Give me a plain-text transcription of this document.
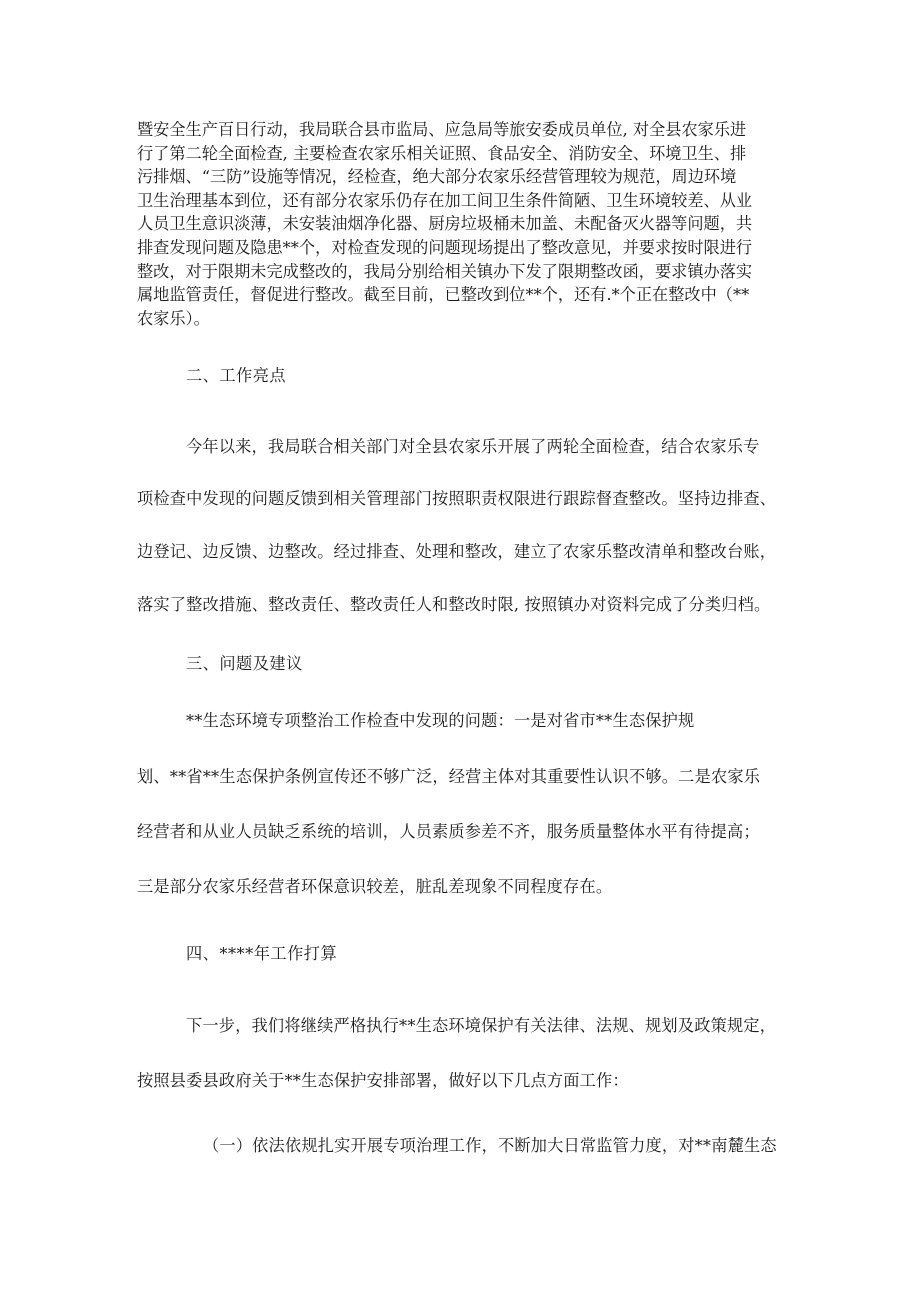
暨安全生产百日行动，我局联合县市监局、应急局等旅安委成员单位, 对全县农家乐进
行了第二轮全面检查, 主要检查农家乐相关证照、食品安全、消防安全、环境卫生、排
污排烟、“三防”设施等情况，经检查，绝大部分农家乐经营管理较为规范，周边环境
卫生治理基本到位，还有部分农家乐仍存在加工间卫生条件简陋、卫生环境较差、从业
人员卫生意识淡薄，未安装油烟净化器、厨房垃圾桶未加盖、未配备灭火器等问题，共
排查发现问题及隐患**个，对检查发现的问题现场提出了整改意见，并要求按时限进行
整改，对于限期未完成整改的，我局分别给相关镇办下发了限期整改函，要求镇办落实
属地监管责任，督促进行整改。截至目前，已整改到位**个，还有.*个正在整改中（**
农家乐）。
二、工作亮点
今年以来，我局联合相关部门对全县农家乐开展了两轮全面检查，结合农家乐专
项检查中发现的问题反馈到相关管理部门按照职责权限进行跟踪督查整改。坚持边排查、
边登记、边反馈、边整改。经过排查、处理和整改，建立了农家乐整改清单和整改台账，
落实了整改措施、整改责任、整改责任人和整改时限, 按照镇办对资料完成了分类归档。
三、问题及建议
**生态环境专项整治工作检查中发现的问题：一是对省市**生态保护规
划、**省**生态保护条例宣传还不够广泛，经营主体对其重要性认识不够。二是农家乐
经营者和从业人员缺乏系统的培训，人员素质参差不齐，服务质量整体水平有待提高；
三是部分农家乐经营者环保意识较差，脏乱差现象不同程度存在。
四、****年工作打算
下一步，我们将继续严格执行**生态环境保护有关法律、法规、规划及政策规定，
按照县委县政府关于**生态保护安排部署，做好以下几点方面工作：
（一）依法依规扎实开展专项治理工作，不断加大日常监管力度，对**南麓生态
